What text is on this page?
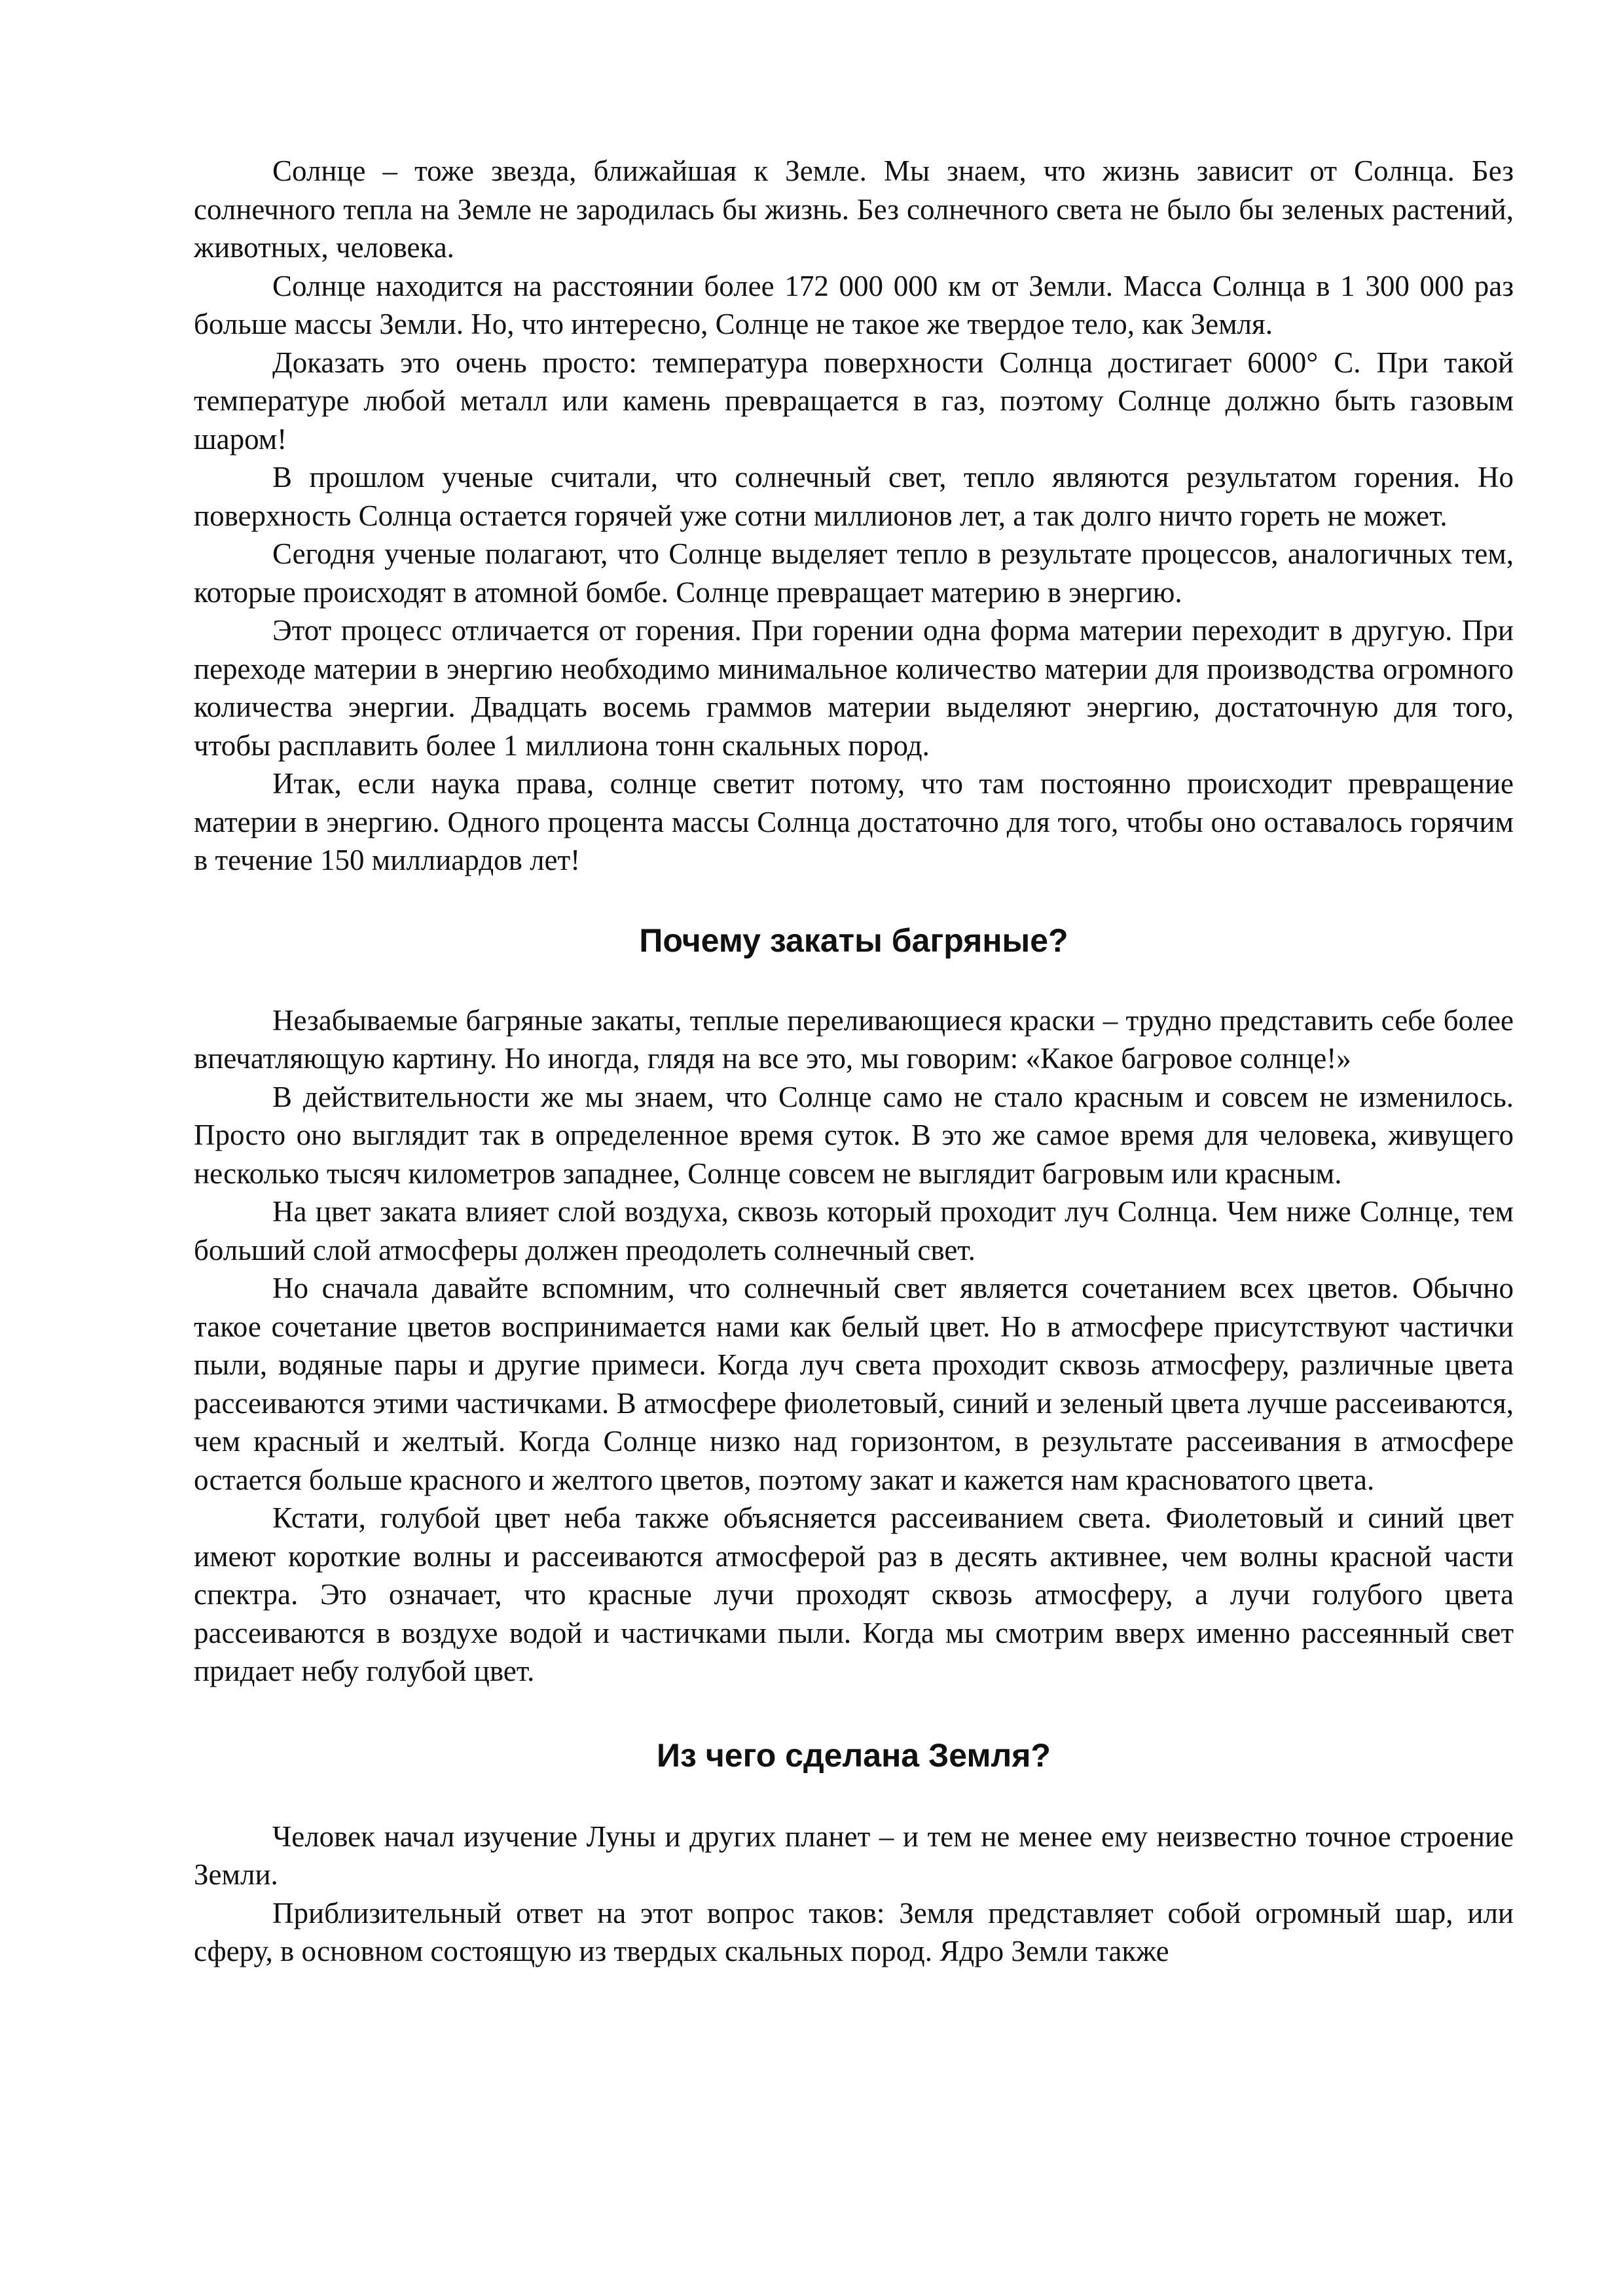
Солнце – тоже звезда, ближайшая к Земле. Мы знаем, что жизнь зависит от Солнца. Без солнечного тепла на Земле не зародилась бы жизнь. Без солнечного света не было бы зеленых растений, животных, человека.

Солнце находится на расстоянии более 172 000 000 км от Земли. Масса Солнца в 1 300 000 раз больше массы Земли. Но, что интересно, Солнце не такое же твердое тело, как Земля.

Доказать это очень просто: температура поверхности Солнца достигает 6000° С. При такой температуре любой металл или камень превращается в газ, поэтому Солнце должно быть газовым шаром!

В прошлом ученые считали, что солнечный свет, тепло являются результатом горения. Но поверхность Солнца остается горячей уже сотни миллионов лет, а так долго ничто гореть не может.

Сегодня ученые полагают, что Солнце выделяет тепло в результате процессов, аналогичных тем, которые происходят в атомной бомбе. Солнце превращает материю в энергию.

Этот процесс отличается от горения. При горении одна форма материи переходит в другую. При переходе материи в энергию необходимо минимальное количество материи для производства огромного количества энергии. Двадцать восемь граммов материи выделяют энергию, достаточную для того, чтобы расплавить более 1 миллиона тонн скальных пород.

Итак, если наука права, солнце светит потому, что там постоянно происходит превращение материи в энергию. Одного процента массы Солнца достаточно для того, чтобы оно оставалось горячим в течение 150 миллиардов лет!

Почему закаты багряные?

Незабываемые багряные закаты, теплые переливающиеся краски – трудно представить себе более впечатляющую картину. Но иногда, глядя на все это, мы говорим: «Какое багровое солнце!»

В действительности же мы знаем, что Солнце само не стало красным и совсем не изменилось. Просто оно выглядит так в определенное время суток. В это же самое время для человека, живущего несколько тысяч километров западнее, Солнце совсем не выглядит багровым или красным.

На цвет заката влияет слой воздуха, сквозь который проходит луч Солнца. Чем ниже Солнце, тем больший слой атмосферы должен преодолеть солнечный свет.

Но сначала давайте вспомним, что солнечный свет является сочетанием всех цветов. Обычно такое сочетание цветов воспринимается нами как белый цвет. Но в атмосфере присутствуют частички пыли, водяные пары и другие примеси. Когда луч света проходит сквозь атмосферу, различные цвета рассеиваются этими частичками. В атмосфере фиолетовый, синий и зеленый цвета лучше рассеиваются, чем красный и желтый. Когда Солнце низко над горизонтом, в результате рассеивания в атмосфере остается больше красного и желтого цветов, поэтому закат и кажется нам красноватого цвета.

Кстати, голубой цвет неба также объясняется рассеиванием света. Фиолетовый и синий цвет имеют короткие волны и рассеиваются атмосферой раз в десять активнее, чем волны красной части спектра. Это означает, что красные лучи проходят сквозь атмосферу, а лучи голубого цвета рассеиваются в воздухе водой и частичками пыли. Когда мы смотрим вверх именно рассеянный свет придает небу голубой цвет.

Из чего сделана Земля?

Человек начал изучение Луны и других планет – и тем не менее ему неизвестно точное строение Земли.

Приблизительный ответ на этот вопрос таков: Земля представляет собой огромный шар, или сферу, в основном состоящую из твердых скальных пород. Ядро Земли также
